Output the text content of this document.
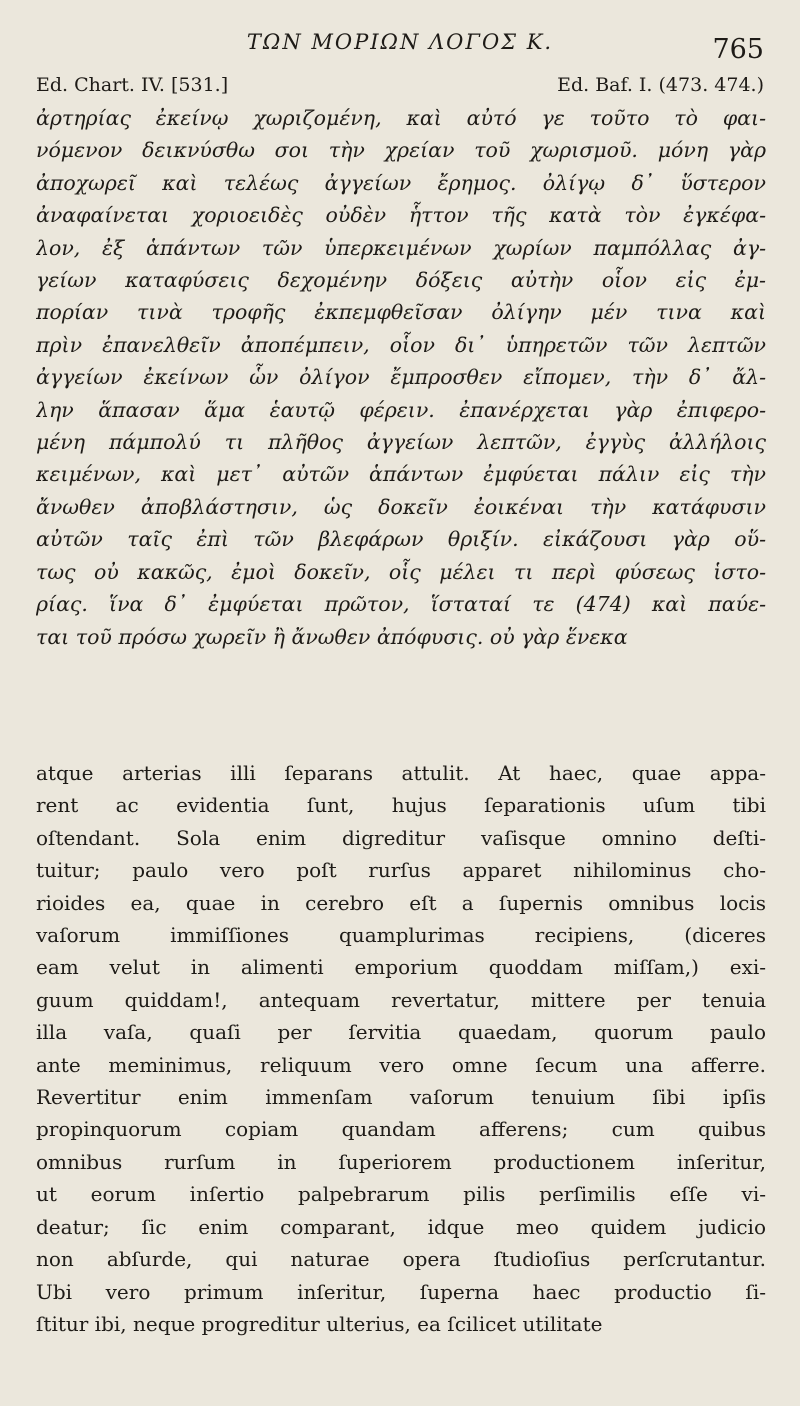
ΤΩΝ ΜΟΡΙΩΝ ΛΟΓΟΣ Κ.	765
Ed. Chart. IV. [531.]	Ed. Baf. I. (473. 474.)
ἀρτηρίας ἐκείνῳ χωριζομένη, καὶ αὐτό γε τοῦτο τὸ φαι-
νόμενον δεικνύσθω σοι τὴν χρείαν τοῦ χωρισμοῦ. μόνη γὰρ
ἀποχωρεῖ καὶ τελέως ἀγγείων ἔρημος. ὀλίγῳ δ᾽ ὕστερον
ἀναφαίνεται χοριοειδὲς οὐδὲν ἧττον τῆς κατὰ τὸν ἐγκέφα-
λον, ἐξ ἁπάντων τῶν ὑπερκειμένων χωρίων παμπόλλας ἀγ-
γείων καταφύσεις δεχομένην δόξεις αὐτὴν οἷον εἰς ἐμ-
πορίαν τινὰ τροφῆς ἐκπεμφθεῖσαν ὀλίγην μέν τινα καὶ
πρὶν ἐπανελθεῖν ἀποπέμπειν, οἷον δι᾽ ὑπηρετῶν τῶν λεπτῶν
ἀγγείων ἐκείνων ὧν ὀλίγον ἔμπροσθεν εἴπομεν, τὴν δ᾽ ἄλ-
λην ἅπασαν ἅμα ἑαυτῷ φέρειν. ἐπανέρχεται γὰρ ἐπιφερο-
μένη πάμπολύ τι πλῆθος ἀγγείων λεπτῶν, ἐγγὺς ἀλλήλοις
κειμένων, καὶ μετ᾽ αὐτῶν ἁπάντων ἐμφύεται πάλιν εἰς τὴν
ἄνωθεν ἀποβλάστησιν, ὡς δοκεῖν ἐοικέναι τὴν κατάφυσιν
αὐτῶν ταῖς ἐπὶ τῶν βλεφάρων θριξίν. εἰκάζουσι γὰρ οὕ-
τως οὐ κακῶς, ἐμοὶ δοκεῖν, οἷς μέλει τι περὶ φύσεως ἱστο-
ρίας. ἵνα δ᾽ ἐμφύεται πρῶτον, ἵσταταί τε (474) καὶ παύε-
ται τοῦ πρόσω χωρεῖν ἢ ἄνωθεν ἀπόφυσις. οὐ γὰρ ἕνεκα
atque arterias illi ſeparans attulit. At haec, quae appa-
rent ac evidentia ſunt, hujus ſeparationis uſum tibi
oſtendant. Sola enim digreditur vaſisque omnino deſti-
tuitur; paulo vero poſt rurſus apparet nihilominus cho-
rioides ea, quae in cerebro eſt a ſupernis omnibus locis
vaſorum immiſſiones quamplurimas recipiens, (diceres
eam velut in alimenti emporium quoddam miſſam,) exi-
guum quiddam!, antequam revertatur, mittere per tenuia
illa vaſa, quaſi per ſervitia quaedam, quorum paulo
ante meminimus, reliquum vero omne ſecum una afferre.
Revertitur enim immenſam vaſorum tenuium ſibi ipſis
propinquorum copiam quandam afferens; cum quibus
omnibus rurſum in ſuperiorem productionem inſeritur,
ut eorum inſertio palpebrarum pilis perſimilis eſſe vi-
deatur; ſic enim comparant, idque meo quidem judicio
non abſurde, qui naturae opera ſtudioſius perſcrutantur.
Ubi vero primum inſeritur, ſuperna haec productio ſi-
ſtitur ibi, neque progreditur ulterius, ea ſcilicet utilitate
